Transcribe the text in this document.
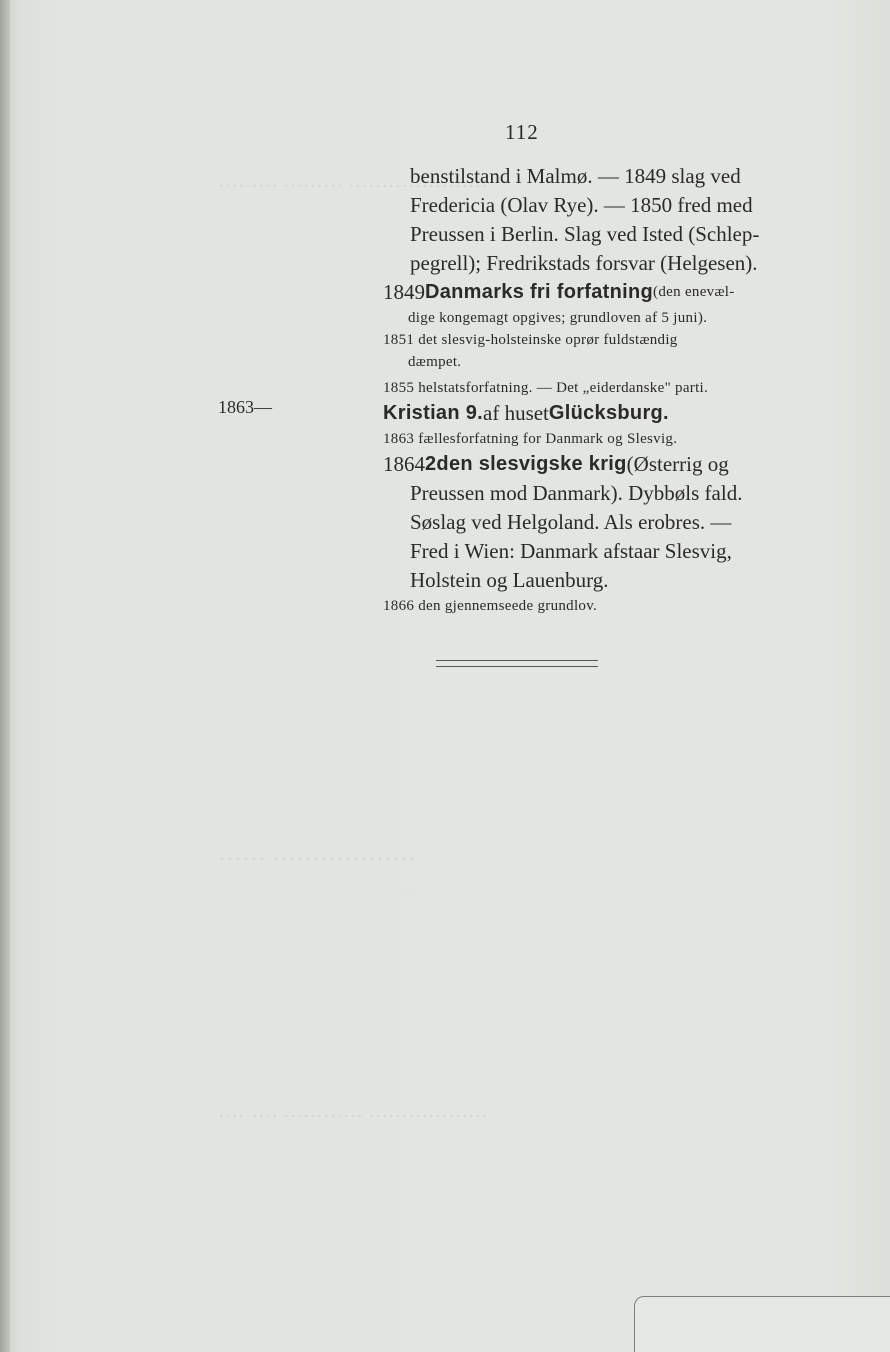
………………… ……… ………
……………… ……
……………… ………… ………
112
1863—
benstilstand i Malmø. — 1849 slag ved
Fredericia (Olav Rye). — 1850 fred med
Preussen i Berlin. Slag ved Isted (Schlep-
pegrell); Fredrikstads forsvar (Helgesen).
1849 Danmarks fri forfatning (den enevæl-
dige kongemagt opgives; grundloven af 5 juni).
1851 det slesvig-holsteinske oprør fuldstændig
dæmpet.
1855 helstatsforfatning. — Det „eiderdanske" parti.
Kristian 9. af huset Glücksburg.
1863 fællesforfatning for Danmark og Slesvig.
1864 2den slesvigske krig (Østerrig og
Preussen mod Danmark). Dybbøls fald.
Søslag ved Helgoland. Als erobres. —
Fred i Wien: Danmark afstaar Slesvig,
Holstein og Lauenburg.
1866 den gjennemseede grundlov.
